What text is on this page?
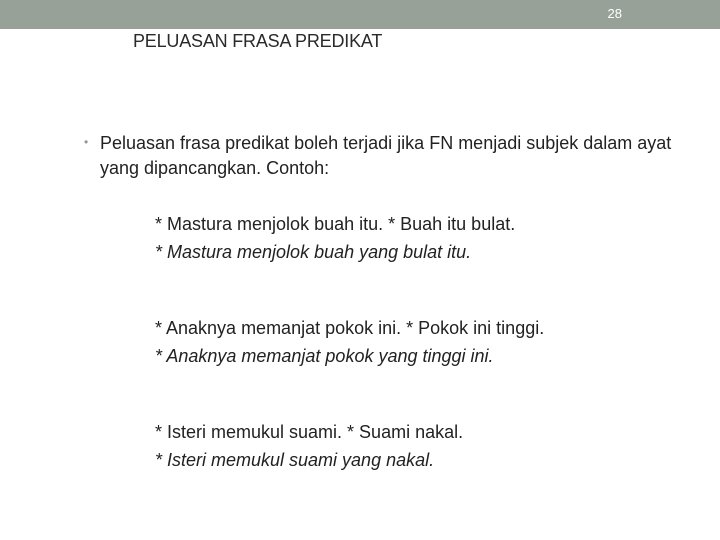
28
PELUASAN FRASA PREDIKAT
• Peluasan frasa predikat boleh terjadi jika FN menjadi subjek dalam ayat yang dipancangkan. Contoh:
* Mastura menjolok buah itu. * Buah itu bulat.
* Mastura menjolok buah yang bulat itu.
* Anaknya memanjat pokok ini. * Pokok ini tinggi.
* Anaknya memanjat pokok yang tinggi ini.
* Isteri memukul suami. * Suami nakal.
* Isteri memukul suami yang nakal.
